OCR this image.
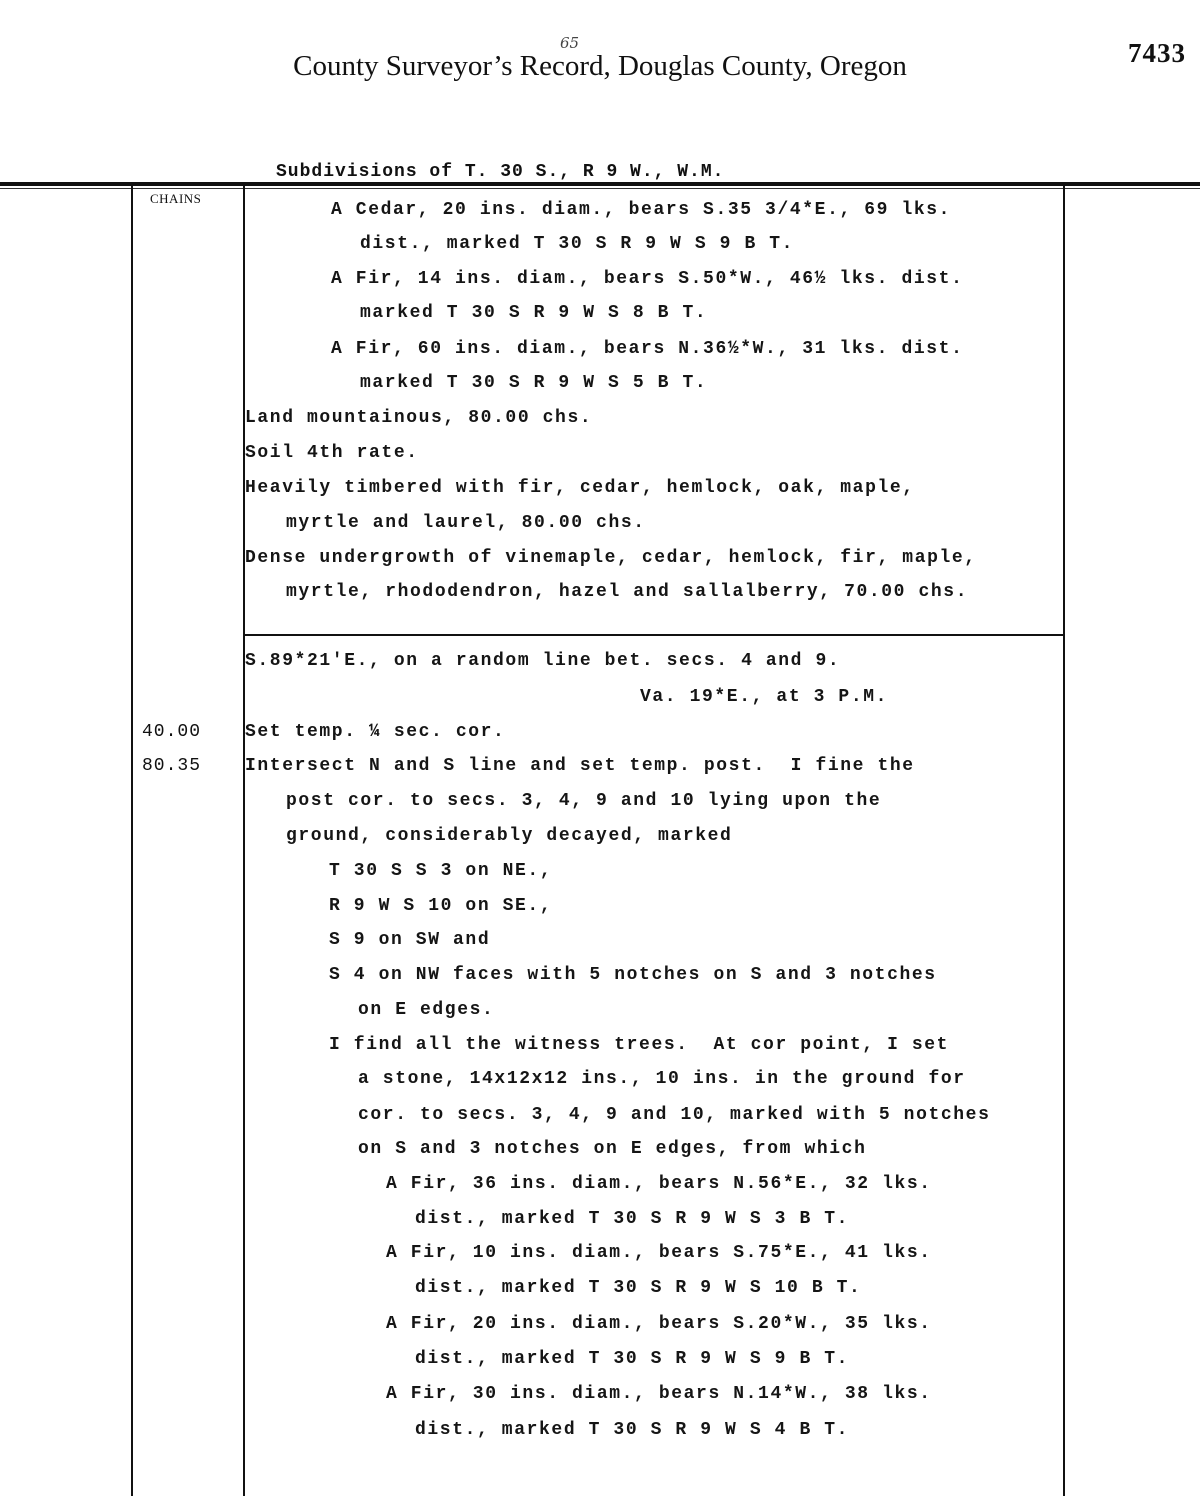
65
County Surveyor’s Record, Douglas County, Oregon	7433
Subdivisions of T. 30 S., R 9 W., W.M.
CHAINS
A Cedar, 20 ins. diam., bears S.35 3/4*E., 69 lks.
dist., marked T 30 S R 9 W S 9 B T.
A Fir, 14 ins. diam., bears S.50*W., 46½ lks. dist.
marked T 30 S R 9 W S 8 B T.
A Fir, 60 ins. diam., bears N.36½*W., 31 lks. dist.
marked T 30 S R 9 W S 5 B T.
Land mountainous, 80.00 chs.
Soil 4th rate.
Heavily timbered with fir, cedar, hemlock, oak, maple,
myrtle and laurel, 80.00 chs.
Dense undergrowth of vinemaple, cedar, hemlock, fir, maple,
myrtle, rhododendron, hazel and sallalberry, 70.00 chs.
S.89*21'E., on a random line bet. secs. 4 and 9.
Va. 19*E., at 3 P.M.
40.00 Set temp. ¼ sec. cor.
80.35 Intersect N and S line and set temp. post.  I fine the
post cor. to secs. 3, 4, 9 and 10 lying upon the
ground, considerably decayed, marked
T 30 S S 3 on NE.,
R 9 W S 10 on SE.,
S 9 on SW and
S 4 on NW faces with 5 notches on S and 3 notches
on E edges.
I find all the witness trees.  At cor point, I set
a stone, 14x12x12 ins., 10 ins. in the ground for
cor. to secs. 3, 4, 9 and 10, marked with 5 notches
on S and 3 notches on E edges, from which
A Fir, 36 ins. diam., bears N.56*E., 32 lks.
dist., marked T 30 S R 9 W S 3 B T.
A Fir, 10 ins. diam., bears S.75*E., 41 lks.
dist., marked T 30 S R 9 W S 10 B T.
A Fir, 20 ins. diam., bears S.20*W., 35 lks.
dist., marked T 30 S R 9 W S 9 B T.
A Fir, 30 ins. diam., bears N.14*W., 38 lks.
dist., marked T 30 S R 9 W S 4 B T.
